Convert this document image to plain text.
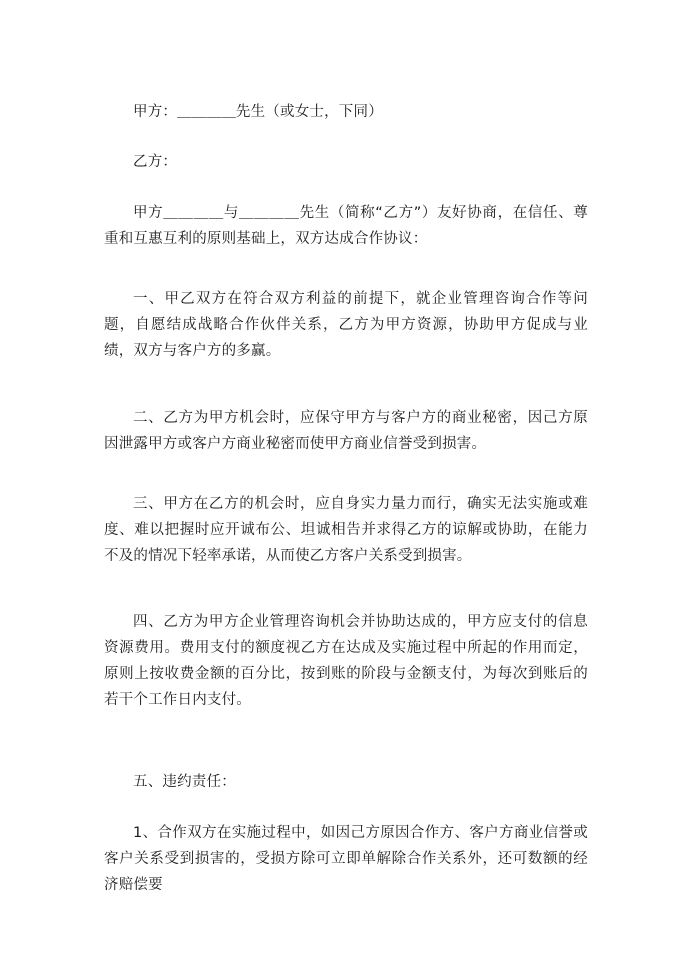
甲方：＿＿＿＿先生（或女士，下同）

乙方：

甲方＿＿＿＿与＿＿＿＿先生（简称“乙方”）友好协商，在信任、尊重和互惠互利的原则基础上，双方达成合作协议：

一、甲乙双方在符合双方利益的前提下，就企业管理咨询合作等问题，自愿结成战略合作伙伴关系，乙方为甲方资源，协助甲方促成与业绩，双方与客户方的多赢。

二、乙方为甲方机会时，应保守甲方与客户方的商业秘密，因己方原因泄露甲方或客户方商业秘密而使甲方商业信誉受到损害。

三、甲方在乙方的机会时，应自身实力量力而行，确实无法实施或难度、难以把握时应开诚布公、坦诚相告并求得乙方的谅解或协助，在能力不及的情况下轻率承诺，从而使乙方客户关系受到损害。

四、乙方为甲方企业管理咨询机会并协助达成的，甲方应支付的信息资源费用。费用支付的额度视乙方在达成及实施过程中所起的作用而定，原则上按收费金额的百分比，按到账的阶段与金额支付，为每次到账后的若干个工作日内支付。

五、违约责任：

1、合作双方在实施过程中，如因己方原因合作方、客户方商业信誉或客户关系受到损害的，受损方除可立即单解除合作关系外，还可数额的经济赔偿要
